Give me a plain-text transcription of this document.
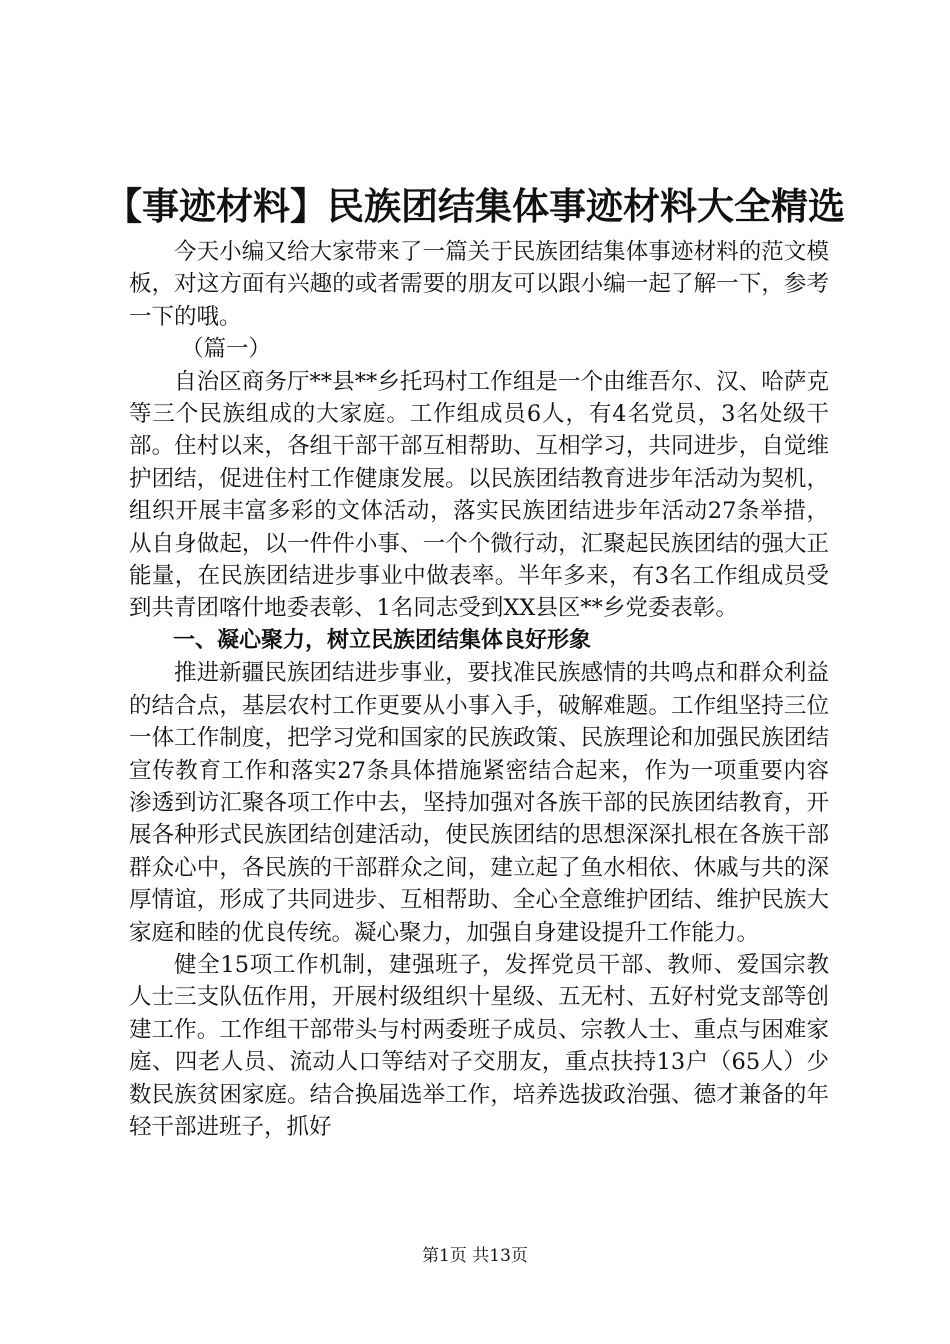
【事迹材料】民族团结集体事迹材料大全精选

今天小编又给大家带来了一篇关于民族团结集体事迹材料的范文模板，对这方面有兴趣的或者需要的朋友可以跟小编一起了解一下，参考一下的哦。

（篇一）

自治区商务厅**县**乡托玛村工作组是一个由维吾尔、汉、哈萨克等三个民族组成的大家庭。工作组成员6人，有4名党员，3名处级干部。住村以来，各组干部干部互相帮助、互相学习，共同进步，自觉维护团结，促进住村工作健康发展。以民族团结教育进步年活动为契机，组织开展丰富多彩的文体活动，落实民族团结进步年活动27条举措，从自身做起，以一件件小事、一个个微行动，汇聚起民族团结的强大正能量，在民族团结进步事业中做表率。半年多来，有3名工作组成员受到共青团喀什地委表彰、1名同志受到XX县区**乡党委表彰。

一、凝心聚力，树立民族团结集体良好形象

推进新疆民族团结进步事业，要找准民族感情的共鸣点和群众利益的结合点，基层农村工作更要从小事入手，破解难题。工作组坚持三位一体工作制度，把学习党和国家的民族政策、民族理论和加强民族团结宣传教育工作和落实27条具体措施紧密结合起来，作为一项重要内容渗透到访汇聚各项工作中去，坚持加强对各族干部的民族团结教育，开展各种形式民族团结创建活动，使民族团结的思想深深扎根在各族干部群众心中，各民族的干部群众之间，建立起了鱼水相依、休戚与共的深厚情谊，形成了共同进步、互相帮助、全心全意维护团结、维护民族大家庭和睦的优良传统。凝心聚力，加强自身建设提升工作能力。

健全15项工作机制，建强班子，发挥党员干部、教师、爱国宗教人士三支队伍作用，开展村级组织十星级、五无村、五好村党支部等创建工作。工作组干部带头与村两委班子成员、宗教人士、重点与困难家庭、四老人员、流动人口等结对子交朋友，重点扶持13户（65人）少数民族贫困家庭。结合换届选举工作，培养选拔政治强、德才兼备的年轻干部进班子，抓好

第1页 共13页
